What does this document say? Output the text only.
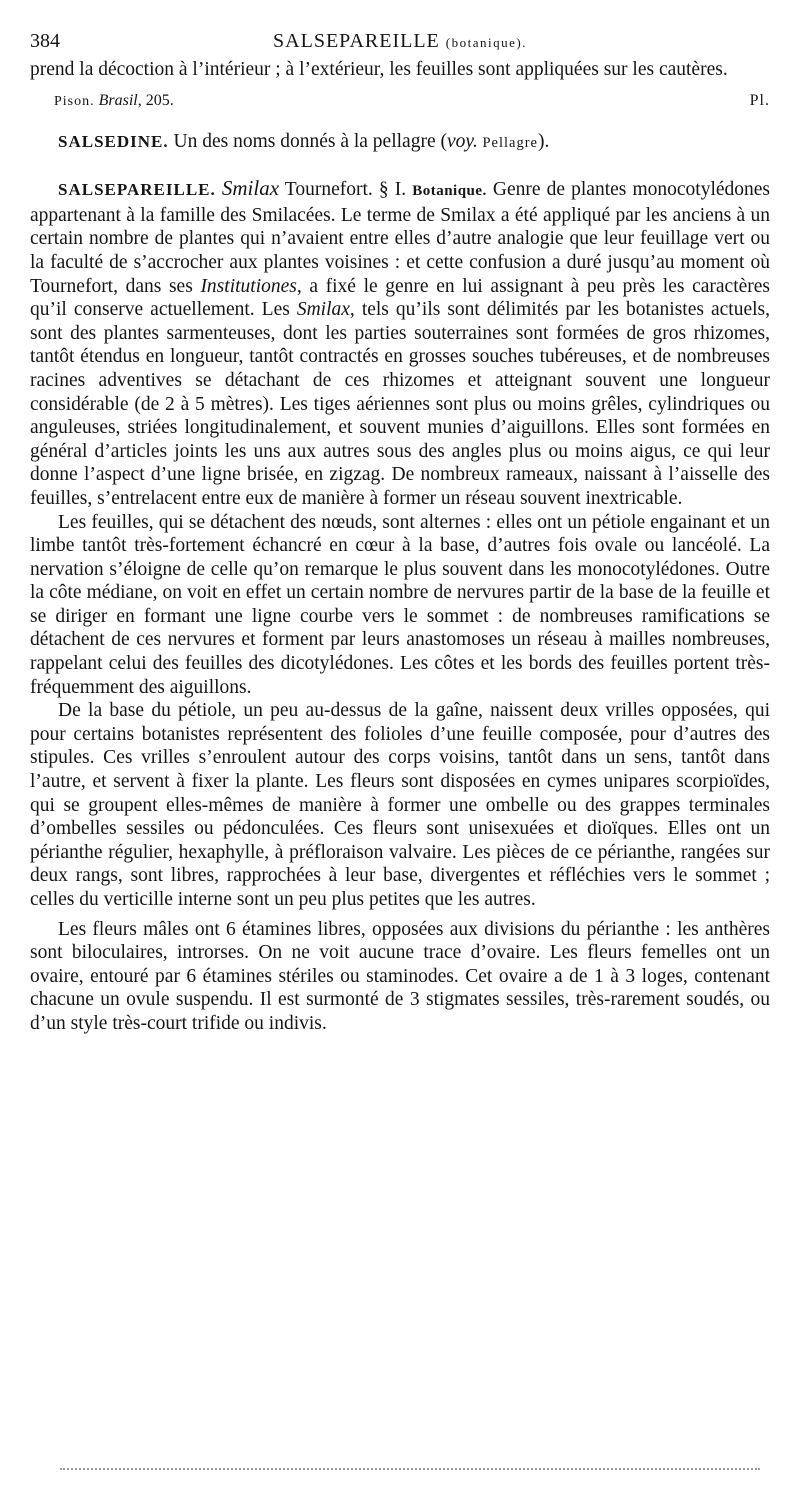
384	SALSEPAREILLE (botanique).

prend la décoction à l’intérieur ; à l’extérieur, les feuilles sont appliquées sur les cautères.

Pison. Brasil, 205.	Pl.

SALSEDINE. Un des noms donnés à la pellagre (voy. Pellagre).

SALSEPAREILLE. Smilax Tournefort. § I. Botanique. Genre de plantes monocotylédones appartenant à la famille des Smilacées. Le terme de Smilax a été appliqué par les anciens à un certain nombre de plantes qui n’avaient entre elles d’autre analogie que leur feuillage vert ou la faculté de s’accrocher aux plantes voisines : et cette confusion a duré jusqu’au moment où Tournefort, dans ses Institutiones, a fixé le genre en lui assignant à peu près les caractères qu’il conserve actuellement. Les Smilax, tels qu’ils sont délimités par les botanistes actuels, sont des plantes sarmenteuses, dont les parties souterraines sont formées de gros rhizomes, tantôt étendus en longueur, tantôt contractés en grosses souches tubéreuses, et de nombreuses racines adventives se détachant de ces rhizomes et atteignant souvent une longueur considérable (de 2 à 5 mètres). Les tiges aériennes sont plus ou moins grêles, cylindriques ou anguleuses, striées longitudinalement, et souvent munies d’aiguillons. Elles sont formées en général d’articles joints les uns aux autres sous des angles plus ou moins aigus, ce qui leur donne l’aspect d’une ligne brisée, en zigzag. De nombreux rameaux, naissant à l’aisselle des feuilles, s’entrelacent entre eux de manière à former un réseau souvent inextricable.

Les feuilles, qui se détachent des nœuds, sont alternes : elles ont un pétiole engainant et un limbe tantôt très-fortement échancré en cœur à la base, d’autres fois ovale ou lancéolé. La nervation s’éloigne de celle qu’on remarque le plus souvent dans les monocotylédones. Outre la côte médiane, on voit en effet un certain nombre de nervures partir de la base de la feuille et se diriger en formant une ligne courbe vers le sommet : de nombreuses ramifications se détachent de ces nervures et forment par leurs anastomoses un réseau à mailles nombreuses, rappelant celui des feuilles des dicotylédones. Les côtes et les bords des feuilles portent très-fréquemment des aiguillons.

De la base du pétiole, un peu au-dessus de la gaîne, naissent deux vrilles opposées, qui pour certains botanistes représentent des folioles d’une feuille composée, pour d’autres des stipules. Ces vrilles s’enroulent autour des corps voisins, tantôt dans un sens, tantôt dans l’autre, et servent à fixer la plante. Les fleurs sont disposées en cymes unipares scorpioïdes, qui se groupent elles-mêmes de manière à former une ombelle ou des grappes terminales d’ombelles sessiles ou pédonculées. Ces fleurs sont unisexuées et dioïques. Elles ont un périanthe régulier, hexaphylle, à préfloraison valvaire. Les pièces de ce périanthe, rangées sur deux rangs, sont libres, rapprochées à leur base, divergentes et réfléchies vers le sommet ; celles du verticille interne sont un peu plus petites que les autres.

Les fleurs mâles ont 6 étamines libres, opposées aux divisions du périanthe : les anthères sont biloculaires, introrses. On ne voit aucune trace d’ovaire. Les fleurs femelles ont un ovaire, entouré par 6 étamines stériles ou staminodes. Cet ovaire a de 1 à 3 loges, contenant chacune un ovule suspendu. Il est surmonté de 3 stigmates sessiles, très-rarement soudés, ou d’un style très-court trifide ou indivis.
